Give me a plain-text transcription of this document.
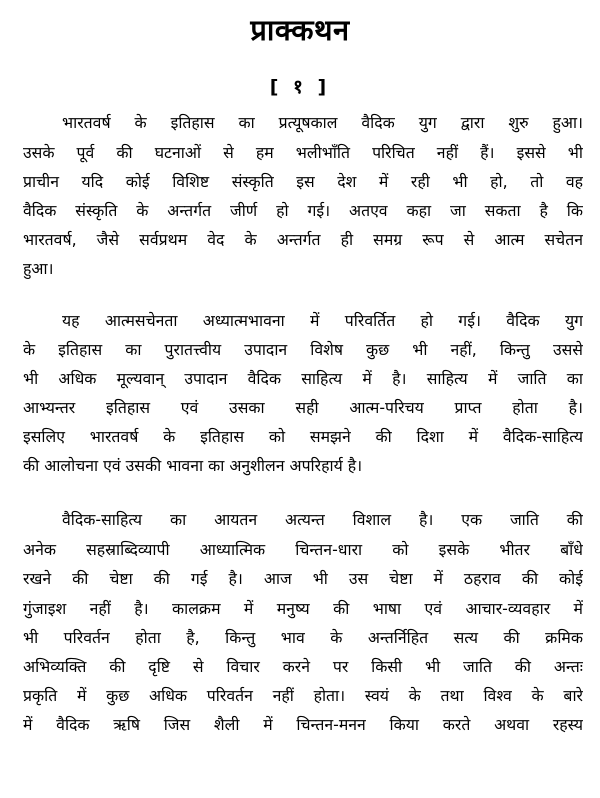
प्राक्कथन
[ १ ]
भारतवर्ष के इतिहास का प्रत्यूषकाल वैदिक युग द्वारा शुरु हुआ।
उसके पूर्व की घटनाओं से हम भलीभाँति परिचित नहीं हैं। इससे भी
प्राचीन यदि कोई विशिष्ट संस्कृति इस देश में रही भी हो, तो वह
वैदिक संस्कृति के अन्तर्गत जीर्ण हो गई। अतएव कहा जा सकता है कि
भारतवर्ष, जैसे सर्वप्रथम वेद के अन्तर्गत ही समग्र रूप से आत्म सचेतन
हुआ।
यह आत्मसचेनता अध्यात्मभावना में परिवर्तित हो गई। वैदिक युग
के इतिहास का पुरातत्त्वीय उपादान विशेष कुछ भी नहीं, किन्तु उससे
भी अधिक मूल्यवान् उपादान वैदिक साहित्य में है। साहित्य में जाति का
आभ्यन्तर इतिहास एवं उसका सही आत्म-परिचय प्राप्त होता है।
इसलिए भारतवर्ष के इतिहास को समझने की दिशा में वैदिक-साहित्य
की आलोचना एवं उसकी भावना का अनुशीलन अपरिहार्य है।
वैदिक-साहित्य का आयतन अत्यन्त विशाल है। एक जाति की
अनेक सहस्राब्दिव्यापी आध्यात्मिक चिन्तन-धारा को इसके भीतर बाँधे
रखने की चेष्टा की गई है। आज भी उस चेष्टा में ठहराव की कोई
गुंजाइश नहीं है। कालक्रम में मनुष्य की भाषा एवं आचार-व्यवहार में
भी परिवर्तन होता है, किन्तु भाव के अन्तर्निहित सत्य की क्रमिक
अभिव्यक्ति की दृष्टि से विचार करने पर किसी भी जाति की अन्तः
प्रकृति में कुछ अधिक परिवर्तन नहीं होता। स्वयं के तथा विश्व के बारे
में वैदिक ऋषि जिस शैली में चिन्तन-मनन किया करते अथवा रहस्य
